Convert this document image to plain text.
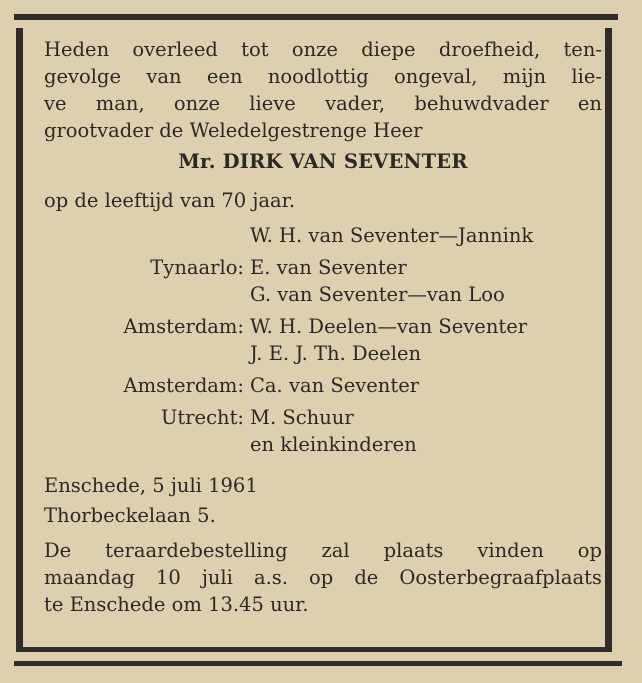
Heden overleed tot onze diepe droefheid, ten-
gevolge van een noodlottig ongeval, mijn lie-
ve man, onze lieve vader, behuwdvader en
grootvader de Weledelgestrenge Heer

Mr. DIRK VAN SEVENTER
op de leeftijd van 70 jaar.
W. H. van Seventer—Jannink
Tynaarlo: E. van Seventer
G. van Seventer—van Loo
Amsterdam: W. H. Deelen—van Seventer
J. E. J. Th. Deelen
Amsterdam: Ca. van Seventer
Utrecht: M. Schuur
en kleinkinderen
Enschede, 5 juli 1961
Thorbeckelaan 5.
De teraardebestelling zal plaats vinden op
maandag 10 juli a.s. op de Oosterbegraafplaats
te Enschede om 13.45 uur.
